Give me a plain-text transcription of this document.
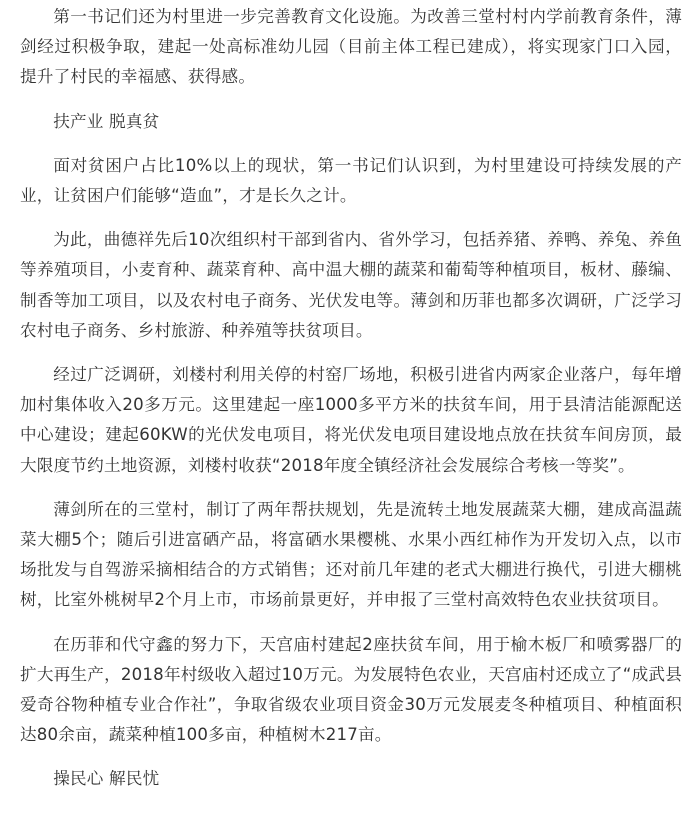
第一书记们还为村里进一步完善教育文化设施。为改善三堂村村内学前教育条件，薄剑经过积极争取，建起一处高标准幼儿园（目前主体工程已建成），将实现家门口入园，提升了村民的幸福感、获得感。

扶产业 脱真贫

面对贫困户占比10%以上的现状，第一书记们认识到，为村里建设可持续发展的产业，让贫困户们能够“造血”，才是长久之计。

为此，曲德祥先后10次组织村干部到省内、省外学习，包括养猪、养鸭、养兔、养鱼等养殖项目，小麦育种、蔬菜育种、高中温大棚的蔬菜和葡萄等种植项目，板材、藤编、制香等加工项目，以及农村电子商务、光伏发电等。薄剑和历菲也都多次调研，广泛学习农村电子商务、乡村旅游、种养殖等扶贫项目。

经过广泛调研，刘楼村利用关停的村窑厂场地，积极引进省内两家企业落户，每年增加村集体收入20多万元。这里建起一座1000多平方米的扶贫车间，用于县清洁能源配送中心建设；建起60KW的光伏发电项目，将光伏发电项目建设地点放在扶贫车间房顶，最大限度节约土地资源，刘楼村收获“2018年度全镇经济社会发展综合考核一等奖”。

薄剑所在的三堂村，制订了两年帮扶规划，先是流转土地发展蔬菜大棚，建成高温蔬菜大棚5个；随后引进富硒产品，将富硒水果樱桃、水果小西红柿作为开发切入点，以市场批发与自驾游采摘相结合的方式销售；还对前几年建的老式大棚进行换代，引进大棚桃树，比室外桃树早2个月上市，市场前景更好，并申报了三堂村高效特色农业扶贫项目。

在历菲和代守鑫的努力下，天宫庙村建起2座扶贫车间，用于榆木板厂和喷雾器厂的扩大再生产，2018年村级收入超过10万元。为发展特色农业，天宫庙村还成立了“成武县爱奇谷物种植专业合作社”，争取省级农业项目资金30万元发展麦冬种植项目、种植面积达80余亩，蔬菜种植100多亩，种植树木217亩。

操民心 解民忧
